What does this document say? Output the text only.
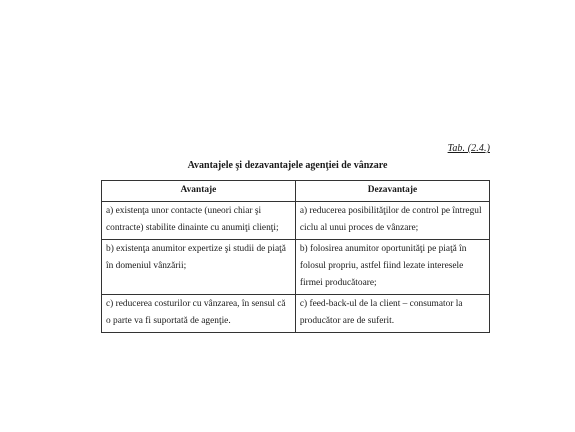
Tab. (2.4.)
Avantajele şi dezavantajele agenţiei de vânzare
Avantaje	Dezavantaje
a) existenţa unor contacte (uneori chiar şi contracte) stabilite dinainte cu anumiţi clienţi;	a) reducerea posibilităţilor de control pe întregul ciclu al unui proces de vânzare;
b) existenţa anumitor expertize şi studii de piaţă în domeniul vânzării;	b) folosirea anumitor oportunităţi pe piaţă în folosul propriu, astfel fiind lezate interesele firmei producătoare;
c) reducerea costurilor cu vânzarea, în sensul că o parte va fi suportată de agenţie.	c) feed-back-ul de la client – consumator la producător are de suferit.
